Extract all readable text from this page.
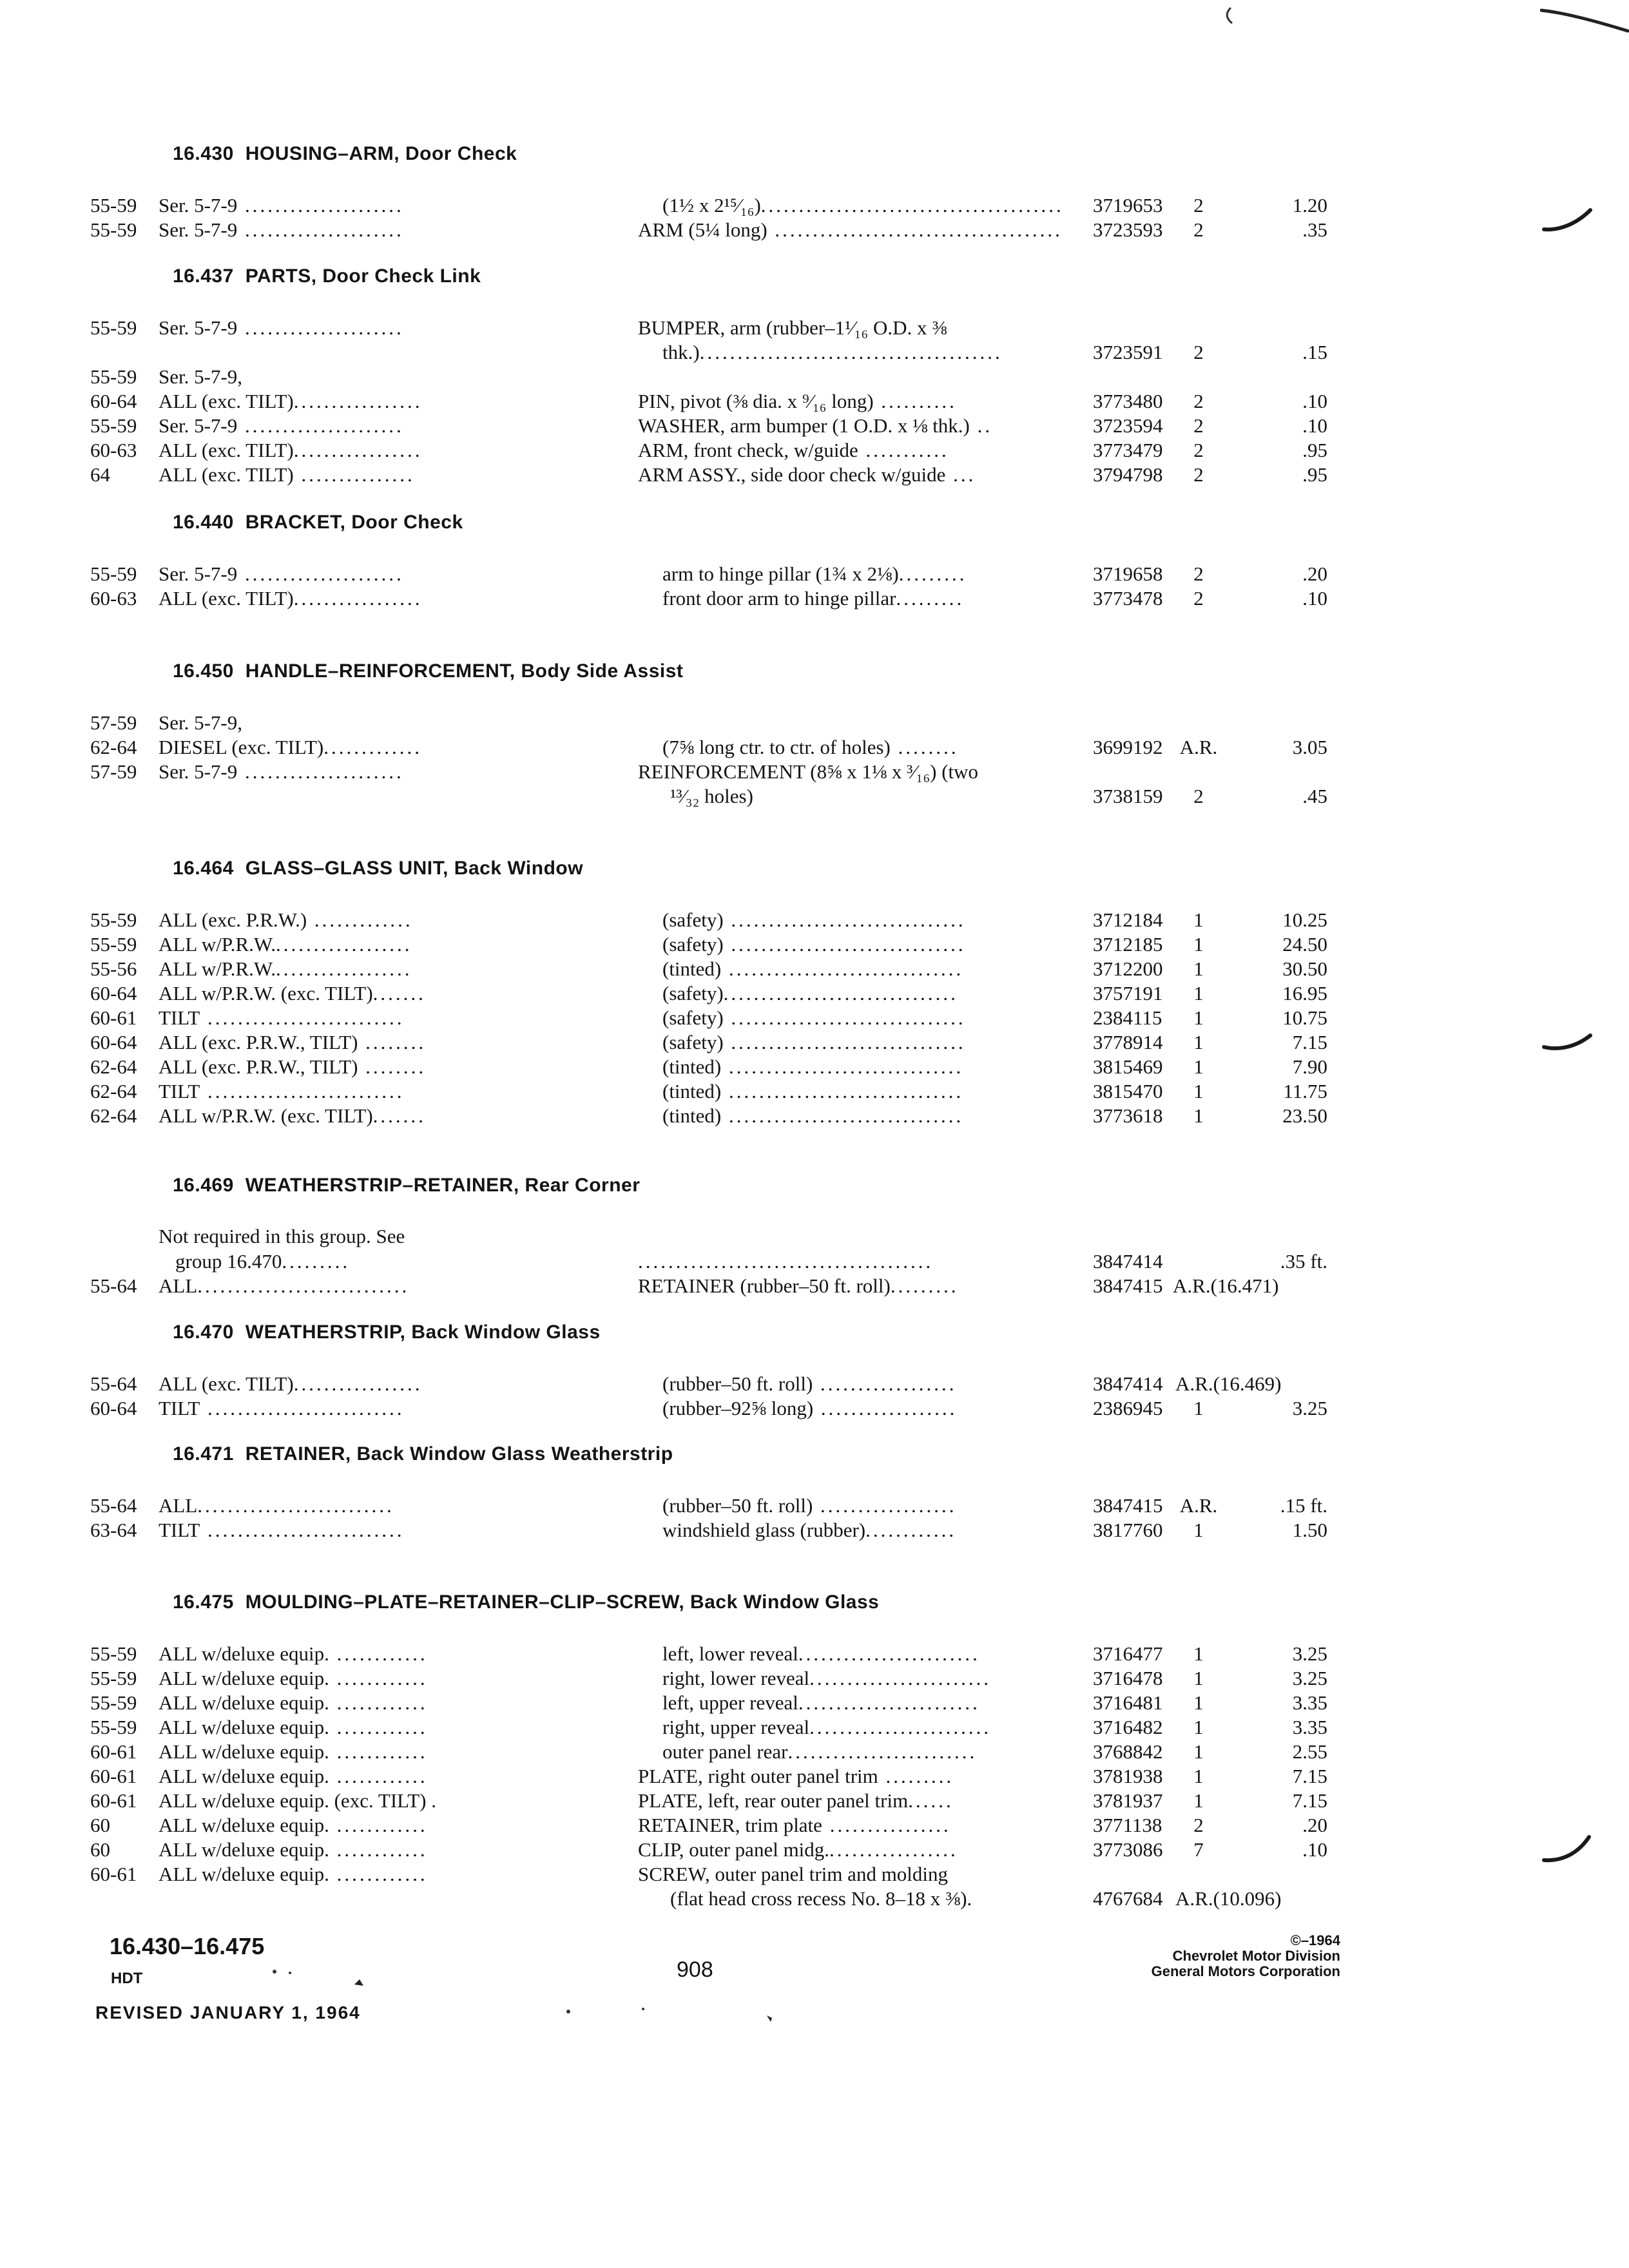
16.430 HOUSING–ARM, Door Check
55-59 Ser. 5-7-9 .....................	(1½ x 2¹⁵⁄₁₆)........................................	3719653 2	1.20
55-59 Ser. 5-7-9 .....................	ARM (5¼ long) ......................................	3723593 2	.35
16.437 PARTS, Door Check Link
55-59 Ser. 5-7-9 .....................	BUMPER, arm (rubber–1¹⁄₁₆ O.D. x ⅜
thk.)........................................	3723591 2	.15
55-59 Ser. 5-7-9,
60-64 ALL (exc. TILT).................	PIN, pivot (⅜ dia. x ⁹⁄₁₆ long) ..........	3773480 2	.10
55-59 Ser. 5-7-9 .....................	WASHER, arm bumper (1 O.D. x ⅛ thk.) ..	3723594 2	.10
60-63 ALL (exc. TILT).................	ARM, front check, w/guide ...........	3773479 2	.95
64 ALL (exc. TILT) ...............	ARM ASSY., side door check w/guide ...	3794798 2	.95
16.440 BRACKET, Door Check
55-59 Ser. 5-7-9 .....................	arm to hinge pillar (1¾ x 2⅛).........	3719658 2	.20
60-63 ALL (exc. TILT).................	front door arm to hinge pillar.........	3773478 2	.10
16.450 HANDLE–REINFORCEMENT, Body Side Assist
57-59 Ser. 5-7-9,
62-64 DIESEL (exc. TILT).............	(7⅝ long ctr. to ctr. of holes) ........	3699192 A.R.	3.05
57-59 Ser. 5-7-9 .....................	REINFORCEMENT (8⅝ x 1⅛ x ³⁄₁₆) (two
¹³⁄₃₂ holes)	3738159 2	.45
16.464 GLASS–GLASS UNIT, Back Window
55-59 ALL (exc. P.R.W.) .............	(safety) ...............................	3712184 1	10.25
55-59 ALL w/P.R.W...................	(safety) ...............................	3712185 1	24.50
55-56 ALL w/P.R.W...................	(tinted) ...............................	3712200 1	30.50
60-64 ALL w/P.R.W. (exc. TILT).......	(safety)...............................	3757191 1	16.95
60-61 TILT ..........................	(safety) ...............................	2384115 1	10.75
60-64 ALL (exc. P.R.W., TILT) ........	(safety) ...............................	3778914 1	7.15
62-64 ALL (exc. P.R.W., TILT) ........	(tinted) ...............................	3815469 1	7.90
62-64 TILT ..........................	(tinted) ...............................	3815470 1	11.75
62-64 ALL w/P.R.W. (exc. TILT).......	(tinted) ...............................	3773618 1	23.50
16.469 WEATHERSTRIP–RETAINER, Rear Corner
Not required in this group. See
group 16.470.........	.......................................	3847414	.35 ft.
55-64 ALL............................	RETAINER (rubber–50 ft. roll).........	3847415 A.R.(16.471)
16.470 WEATHERSTRIP, Back Window Glass
55-64 ALL (exc. TILT).................	(rubber–50 ft. roll) ..................	3847414 A.R.(16.469)
60-64 TILT ..........................	(rubber–92⅝ long) ..................	2386945 1	3.25
16.471 RETAINER, Back Window Glass Weatherstrip
55-64 ALL..........................	(rubber–50 ft. roll) ..................	3847415 A.R.	.15 ft.
63-64 TILT ..........................	windshield glass (rubber)............	3817760 1	1.50
16.475 MOULDING–PLATE–RETAINER–CLIP–SCREW, Back Window Glass
55-59 ALL w/deluxe equip. ............	left, lower reveal........................	3716477 1	3.25
55-59 ALL w/deluxe equip. ............	right, lower reveal........................	3716478 1	3.25
55-59 ALL w/deluxe equip. ............	left, upper reveal........................	3716481 1	3.35
55-59 ALL w/deluxe equip. ............	right, upper reveal........................	3716482 1	3.35
60-61 ALL w/deluxe equip. ............	outer panel rear.........................	3768842 1	2.55
60-61 ALL w/deluxe equip. ............	PLATE, right outer panel trim .........	3781938 1	7.15
60-61 ALL w/deluxe equip. (exc. TILT) .	PLATE, left, rear outer panel trim......	3781937 1	7.15
60 ALL w/deluxe equip. ............	RETAINER, trim plate ................	3771138 2	.20
60 ALL w/deluxe equip. ............	CLIP, outer panel midg..................	3773086 7	.10
60-61 ALL w/deluxe equip. ............	SCREW, outer panel trim and molding
(flat head cross recess No. 8–18 x ⅜).	4767684 A.R.(10.096)
16.430–16.475
HDT
REVISED JANUARY 1, 1964
908
©–1964
Chevrolet Motor Division
General Motors Corporation
